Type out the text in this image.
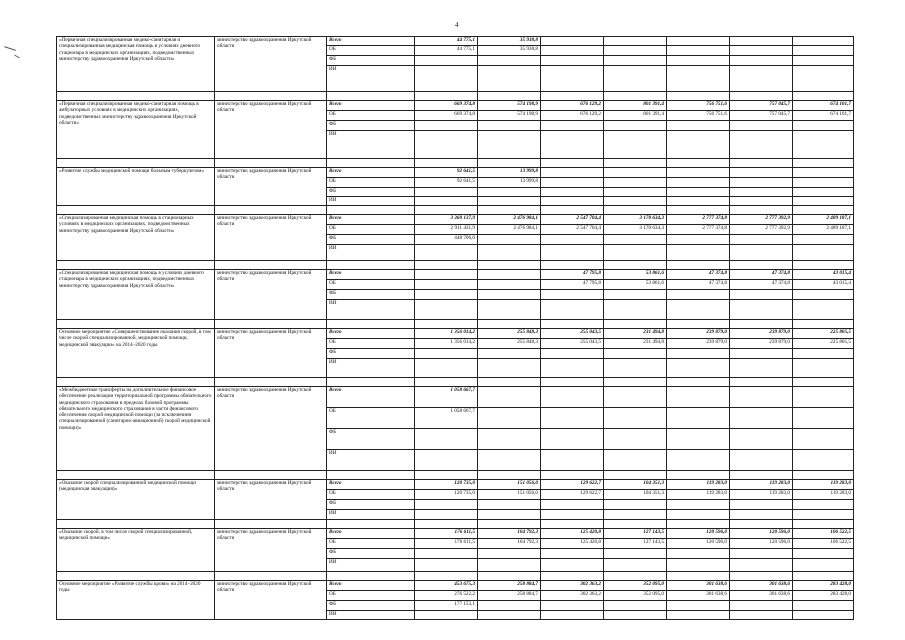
4
«Первичная специализированная медико-санитарная и специализированная медицинская помощь в условиях дневного стационара в медицинских организациях, подведомственных министерству здравоохранения Иркутской области»	министерство здравоохранения Иркутской области	Всего	44 775,1	35 938,8					
		ОБ	44 775,1	35 938,8					
		ФБ							
		ИИ							

«Первичная специализированная медико-санитарная помощь в амбулаторных условиях в медицинских организациях, подведомственных министерству здравоохранения Иркутской области»	министерство здравоохранения Иркутской области	Всего	669 374,8	574 198,9	676 129,2	801 391,4	756 751,6	757 045,7	674 101,7
		ОБ	669 374,8	574 198,9	676 129,2	801 391,4	756 751,6	757 045,7	674 101,7
		ФБ							
		ИИ							

«Развитие службы медицинской помощи больным туберкулезом»	министерство здравоохранения Иркутской области	Всего	92 641,5	13 999,8					
		ОБ	92 641,5	13 999,8					
		ФБ							
		ИИ							

«Специализированная медицинская помощь в стационарных условиях в медицинских организациях, подведомственных министерству здравоохранения Иркутской области»	министерство здравоохранения Иркутской области	Всего	3 360 137,9	2 476 984,1	2 547 704,4	3 170 634,3	2 777 374,8	2 777 392,9	2 489 187,1
		ОБ	2 911 431,9	2 476 984,1	2 547 704,4	3 170 634,3	2 777 374,8	2 777 392,9	2 489 187,1
		ФБ	448 706,0						
		ИИ							

«Специализированная медицинская помощь в условиях дневного стационара в медицинских организациях, подведомственных министерству здравоохранения Иркутской области»	министерство здравоохранения Иркутской области	Всего			47 795,8	53 861,6	47 374,8	47 374,8	43 015,4
		ОБ			47 795,8	53 861,6	47 374,8	47 374,8	43 015,4
		ФБ							
		ИИ							

Основное мероприятие «Совершенствование оказания скорой, в том числе скорой специализированной, медицинской помощи, медицинской эвакуации» на 2014–2020 годы	министерство здравоохранения Иркутской области	Всего	1 356 014,2	255 848,3	255 043,5	231 494,8	239 879,0	239 879,0	225 805,5
		ОБ	1 356 014,2	255 848,3	255 043,5	231 494,8	239 879,0	239 879,0	225 805,5
		ФБ							
		ИИ							

«Межбюджетные трансферты на дополнительное финансовое обеспечение реализации территориальной программы обязательного медицинского страхования в пределах базовой программы обязательного медицинского страхования в части финансового обеспечения скорой медицинской помощи (за исключением специализированной (санитарно-авиационной) скорой медицинской помощи)»	министерство здравоохранения Иркутской области	Всего	1 058 667,7						
		ОБ	1 058 667,7						
		ФБ							
		ИИ							

«Оказание скорой специализированной медицинской помощи (медицинская эвакуация)»	министерство здравоохранения Иркутской области	Всего	120 735,0	151 056,0	129 622,7	104 351,3	119 283,0	119 283,0	119 283,0
		ОБ	120 735,0	151 056,0	129 622,7	104 351,3	119 283,0	119 283,0	119 283,0
		ФБ							
		ИИ							

«Оказание скорой, в том числе скорой специализированной, медицинской помощи»	министерство здравоохранения Иркутской области	Всего	176 611,5	104 792,3	125 420,8	127 143,5	120 596,0	120 596,0	106 522,5
		ОБ	176 611,5	104 792,3	125 420,8	127 143,5	120 596,0	120 596,0	106 522,5
		ФБ							
		ИИ							

Основное мероприятие «Развитие службы крови» на 2014–2020 годы	министерство здравоохранения Иркутской области	Всего	453 675,3	258 884,7	302 363,2	352 095,0	301 638,6	301 638,6	283 428,0
		ОБ	276 522,2	258 884,7	302 363,2	352 095,0	301 638,6	301 638,6	283 428,0
		ФБ	177 153,1						
		ИИ							
